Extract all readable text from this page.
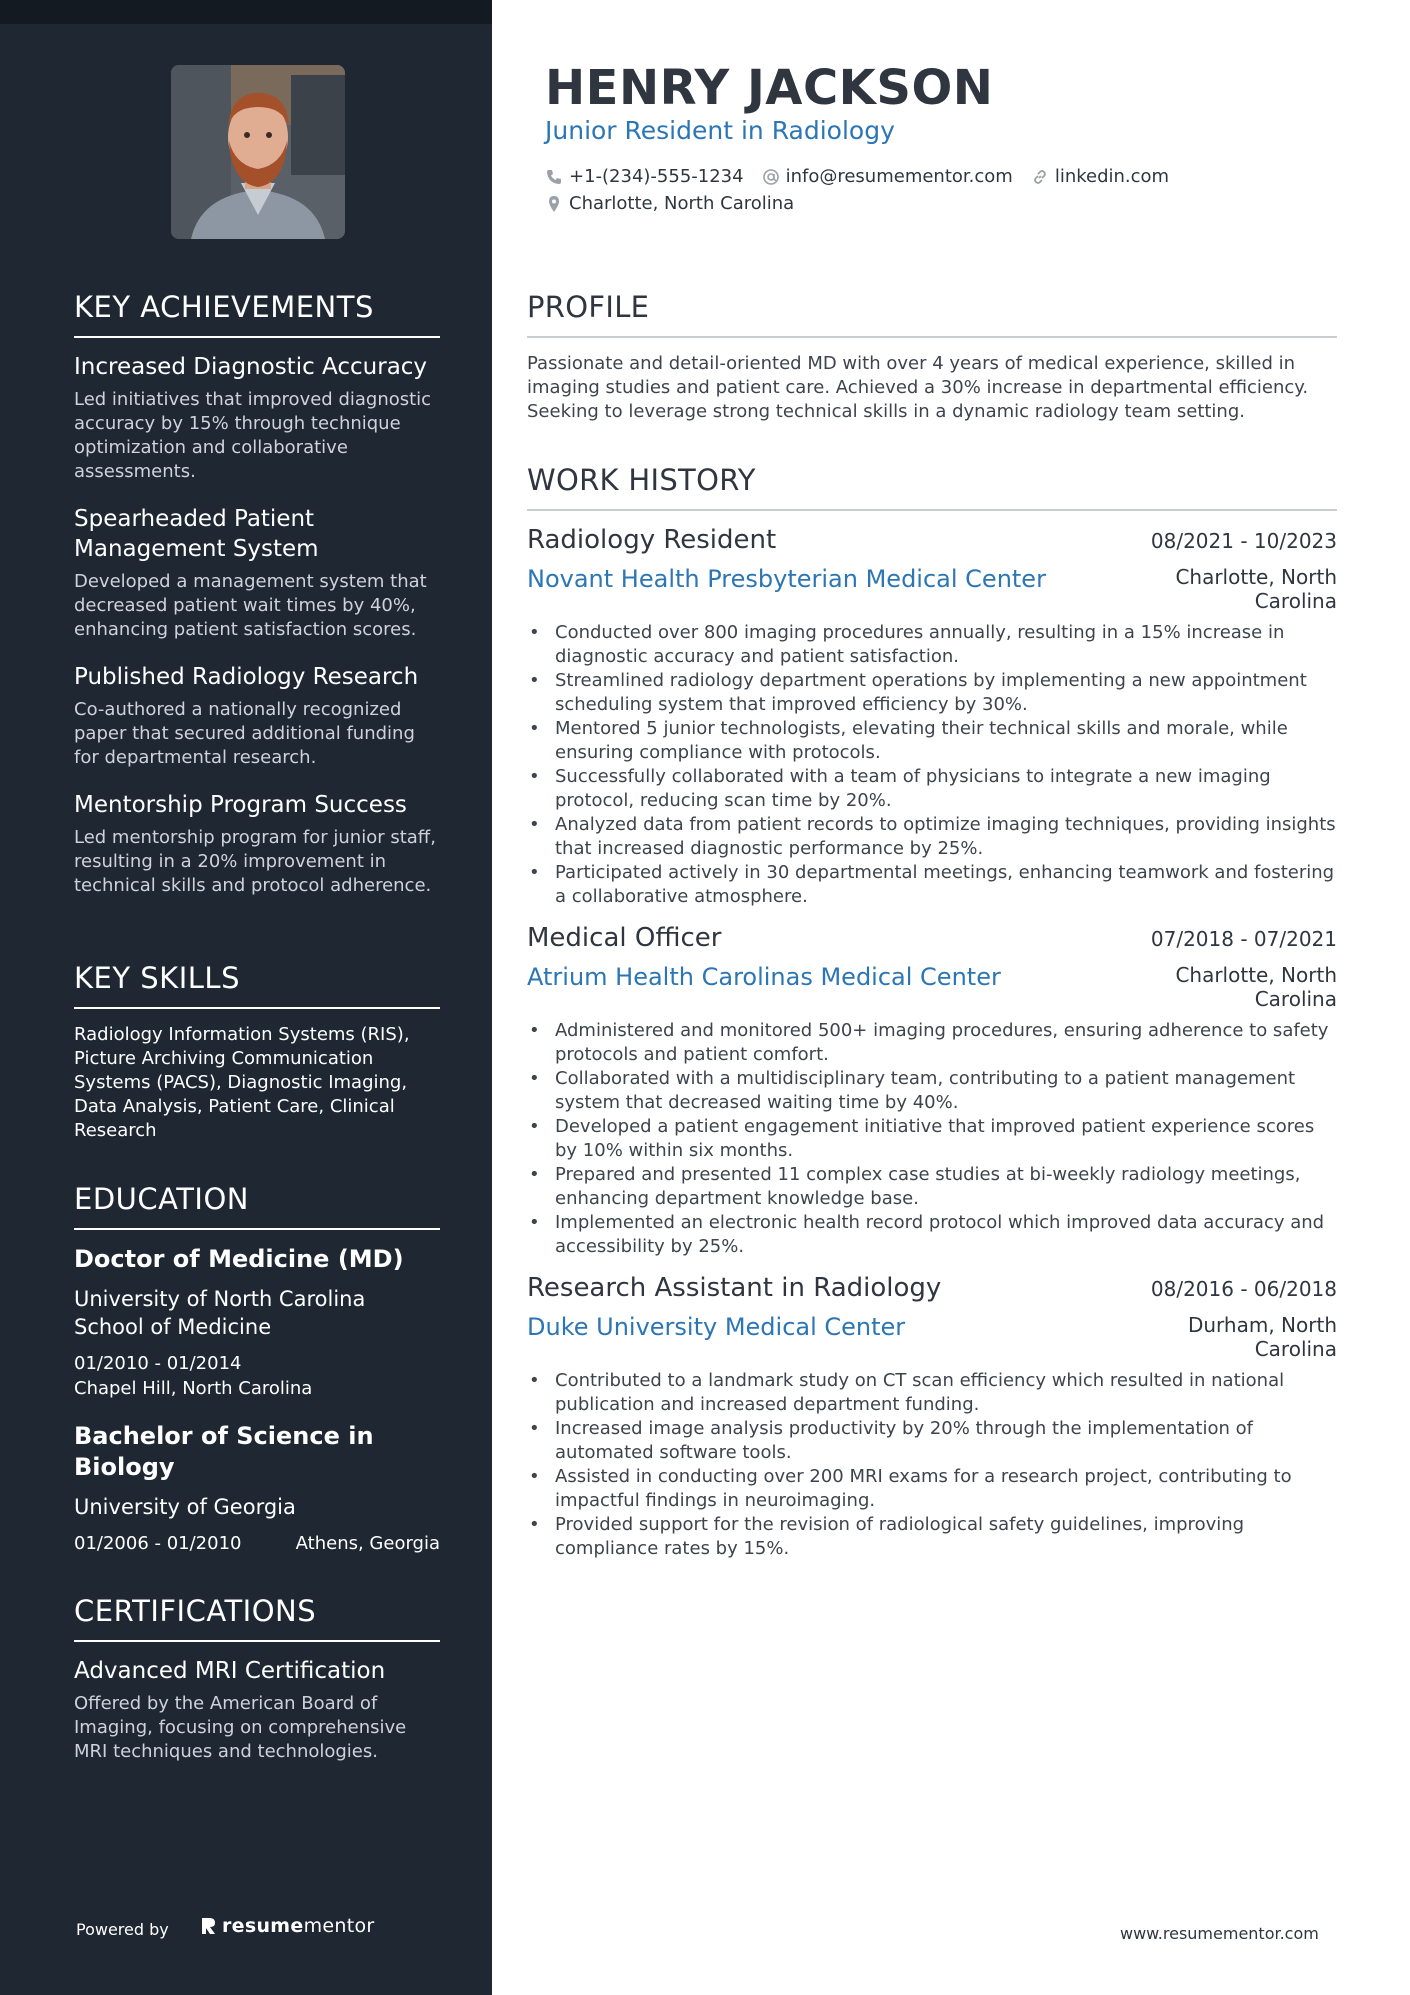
KEY ACHIEVEMENTS
Increased Diagnostic Accuracy
Led initiatives that improved diagnostic accuracy by 15% through technique optimization and collaborative assessments.
Spearheaded Patient Management System
Developed a management system that decreased patient wait times by 40%, enhancing patient satisfaction scores.
Published Radiology Research
Co-authored a nationally recognized paper that secured additional funding for departmental research.
Mentorship Program Success
Led mentorship program for junior staff, resulting in a 20% improvement in technical skills and protocol adherence.
KEY SKILLS
Radiology Information Systems (RIS), Picture Archiving Communication Systems (PACS), Diagnostic Imaging, Data Analysis, Patient Care, Clinical Research
EDUCATION
Doctor of Medicine (MD)
University of North Carolina School of Medicine
01/2010 - 01/2014
Chapel Hill, North Carolina
Bachelor of Science in Biology
University of Georgia
01/2006 - 01/2010	Athens, Georgia
CERTIFICATIONS
Advanced MRI Certification
Offered by the American Board of Imaging, focusing on comprehensive MRI techniques and technologies.
Powered by	resume mentor
HENRY JACKSON
Junior Resident in Radiology
+1-(234)-555-1234 info@resumementor.com linkedin.com
Charlotte, North Carolina
PROFILE
Passionate and detail-oriented MD with over 4 years of medical experience, skilled in imaging studies and patient care. Achieved a 30% increase in departmental efficiency. Seeking to leverage strong technical skills in a dynamic radiology team setting.
WORK HISTORY
Radiology Resident	08/2021 - 10/2023
Novant Health Presbyterian Medical Center	Charlotte, North Carolina
• Conducted over 800 imaging procedures annually, resulting in a 15% increase in diagnostic accuracy and patient satisfaction.
• Streamlined radiology department operations by implementing a new appointment scheduling system that improved efficiency by 30%.
• Mentored 5 junior technologists, elevating their technical skills and morale, while ensuring compliance with protocols.
• Successfully collaborated with a team of physicians to integrate a new imaging protocol, reducing scan time by 20%.
• Analyzed data from patient records to optimize imaging techniques, providing insights that increased diagnostic performance by 25%.
• Participated actively in 30 departmental meetings, enhancing teamwork and fostering a collaborative atmosphere.
Medical Officer	07/2018 - 07/2021
Atrium Health Carolinas Medical Center	Charlotte, North Carolina
• Administered and monitored 500+ imaging procedures, ensuring adherence to safety protocols and patient comfort.
• Collaborated with a multidisciplinary team, contributing to a patient management system that decreased waiting time by 40%.
• Developed a patient engagement initiative that improved patient experience scores by 10% within six months.
• Prepared and presented 11 complex case studies at bi-weekly radiology meetings, enhancing department knowledge base.
• Implemented an electronic health record protocol which improved data accuracy and accessibility by 25%.
Research Assistant in Radiology	08/2016 - 06/2018
Duke University Medical Center	Durham, North Carolina
• Contributed to a landmark study on CT scan efficiency which resulted in national publication and increased department funding.
• Increased image analysis productivity by 20% through the implementation of automated software tools.
• Assisted in conducting over 200 MRI exams for a research project, contributing to impactful findings in neuroimaging.
• Provided support for the revision of radiological safety guidelines, improving compliance rates by 15%.
www.resumementor.com
